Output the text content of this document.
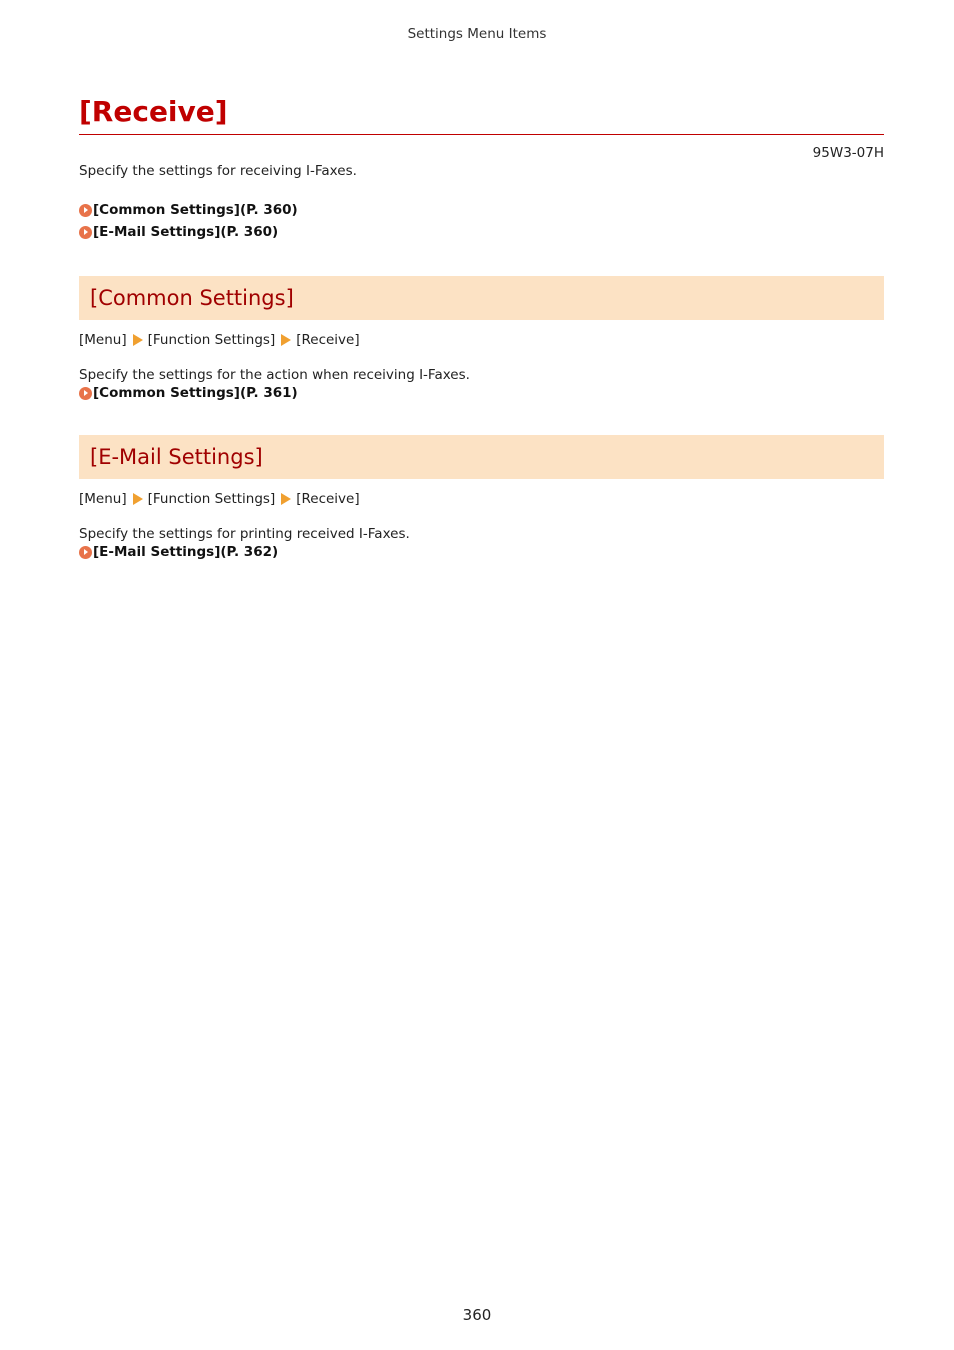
Settings Menu Items
[Receive]
95W3-07H

Specify the settings for receiving I-Faxes.

[Common Settings](P. 360)
[E-Mail Settings](P. 360)
[Common Settings]
[Menu] [Function Settings] [Receive]

Specify the settings for the action when receiving I-Faxes.

[Common Settings](P. 361)
[E-Mail Settings]
[Menu] [Function Settings] [Receive]

Specify the settings for printing received I-Faxes.

[E-Mail Settings](P. 362)
360
